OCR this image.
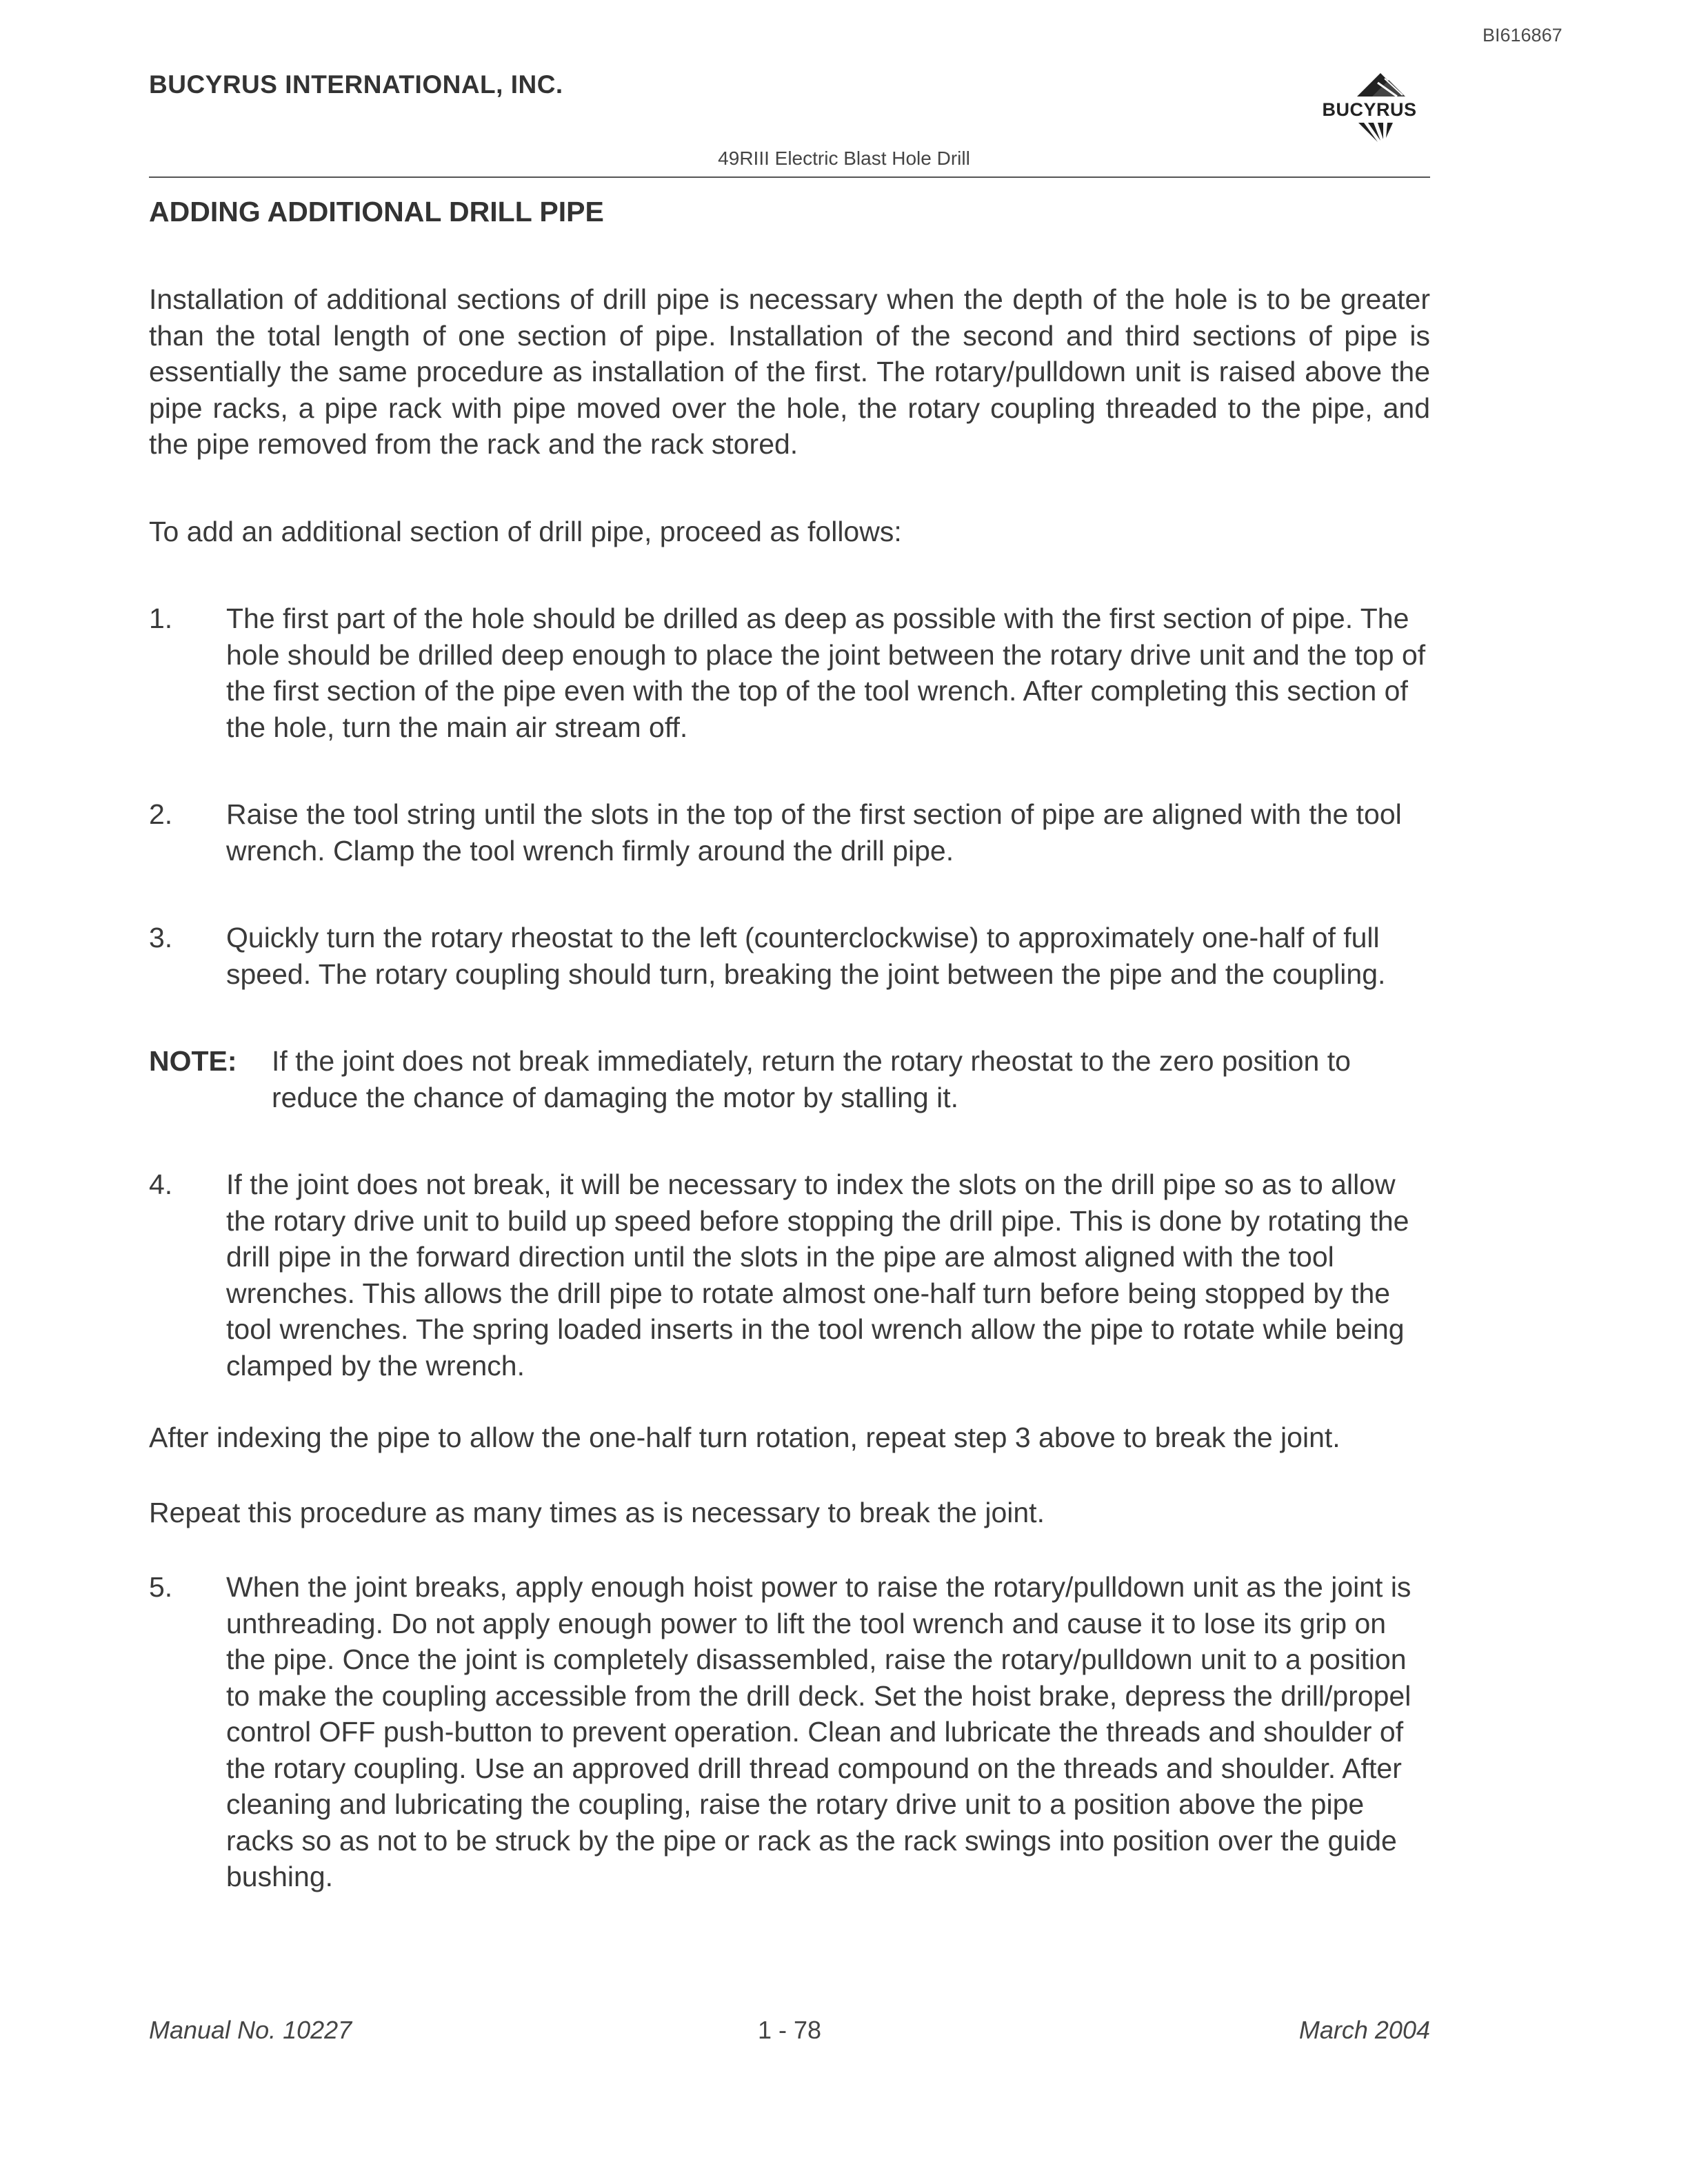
BI616867
BUCYRUS INTERNATIONAL, INC.
BUCYRUS
49RIII Electric Blast Hole Drill
ADDING ADDITIONAL DRILL PIPE

Installation of additional sections of drill pipe is necessary when the depth of the hole is to be greater than the total length of one section of pipe. Installation of the second and third sections of pipe is essentially the same procedure as installation of the first. The rotary/pulldown unit is raised above the pipe racks, a pipe rack with pipe moved over the hole, the rotary coupling threaded to the pipe, and the pipe removed from the rack and the rack stored.

To add an additional section of drill pipe, proceed as follows:

1.	The first part of the hole should be drilled as deep as possible with the first section of pipe. The hole should be drilled deep enough to place the joint between the rotary drive unit and the top of the first section of the pipe even with the top of the tool wrench. After completing this section of the hole, turn the main air stream off.
2.	Raise the tool string until the slots in the top of the first section of pipe are aligned with the tool wrench. Clamp the tool wrench firmly around the drill pipe.
3.	Quickly turn the rotary rheostat to the left (counterclockwise) to approximately one-half of full speed. The rotary coupling should turn, breaking the joint between the pipe and the coupling.
NOTE:	If the joint does not break immediately, return the rotary rheostat to the zero position to reduce the chance of damaging the motor by stalling it.
4.	If the joint does not break, it will be necessary to index the slots on the drill pipe so as to allow the rotary drive unit to build up speed before stopping the drill pipe. This is done by rotating the drill pipe in the forward direction until the slots in the pipe are almost aligned with the tool wrenches. This allows the drill pipe to rotate almost one-half turn before being stopped by the tool wrenches. The spring loaded inserts in the tool wrench allow the pipe to rotate while being clamped by the wrench.

After indexing the pipe to allow the one-half turn rotation, repeat step 3 above to break the joint.

Repeat this procedure as many times as is necessary to break the joint.

5.	When the joint breaks, apply enough hoist power to raise the rotary/pulldown unit as the joint is unthreading. Do not apply enough power to lift the tool wrench and cause it to lose its grip on the pipe. Once the joint is completely disassembled, raise the rotary/pulldown unit to a position to make the coupling accessible from the drill deck. Set the hoist brake, depress the drill/propel control OFF push-button to prevent operation. Clean and lubricate the threads and shoulder of the rotary coupling. Use an approved drill thread compound on the threads and shoulder. After cleaning and lubricating the coupling, raise the rotary drive unit to a position above the pipe racks so as not to be struck by the pipe or rack as the rack swings into position over the guide bushing.
Manual No. 10227	1 - 78	March 2004
